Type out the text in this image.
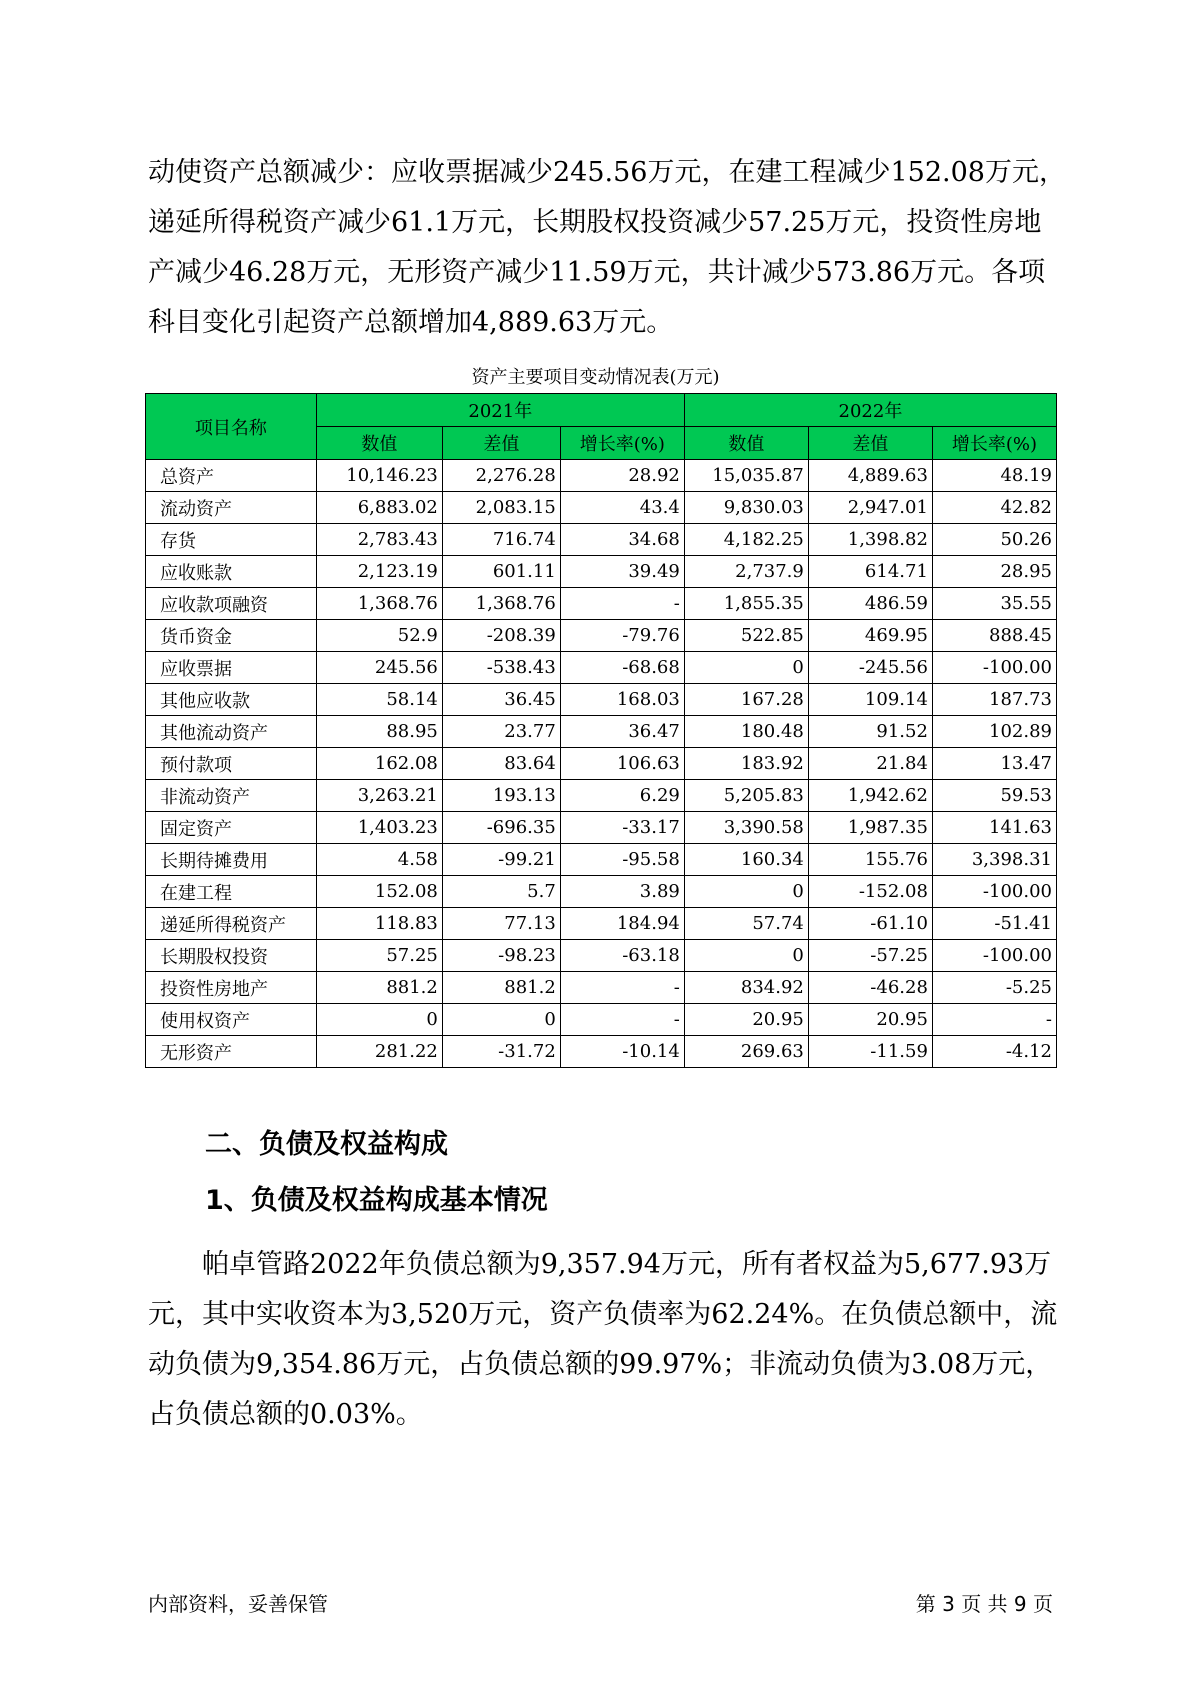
动使资产总额减少：应收票据减少245.56万元，在建工程减少152.08万元，
递延所得税资产减少61.1万元，长期股权投资减少57.25万元，投资性房地
产减少46.28万元，无形资产减少11.59万元，共计减少573.86万元。各项
科目变化引起资产总额增加4,889.63万元。

资产主要项目变动情况表(万元)
项目名称	2021年			2022年		
	数值	差值	增长率(%)	数值	差值	增长率(%)
总资产	10,146.23	2,276.28	28.92	15,035.87	4,889.63	48.19
流动资产	6,883.02	2,083.15	43.4	9,830.03	2,947.01	42.82
存货	2,783.43	716.74	34.68	4,182.25	1,398.82	50.26
应收账款	2,123.19	601.11	39.49	2,737.9	614.71	28.95
应收款项融资	1,368.76	1,368.76	-	1,855.35	486.59	35.55
货币资金	52.9	-208.39	-79.76	522.85	469.95	888.45
应收票据	245.56	-538.43	-68.68	0	-245.56	-100.00
其他应收款	58.14	36.45	168.03	167.28	109.14	187.73
其他流动资产	88.95	23.77	36.47	180.48	91.52	102.89
预付款项	162.08	83.64	106.63	183.92	21.84	13.47
非流动资产	3,263.21	193.13	6.29	5,205.83	1,942.62	59.53
固定资产	1,403.23	-696.35	-33.17	3,390.58	1,987.35	141.63
长期待摊费用	4.58	-99.21	-95.58	160.34	155.76	3,398.31
在建工程	152.08	5.7	3.89	0	-152.08	-100.00
递延所得税资产	118.83	77.13	184.94	57.74	-61.10	-51.41
长期股权投资	57.25	-98.23	-63.18	0	-57.25	-100.00
投资性房地产	881.2	881.2	-	834.92	-46.28	-5.25
使用权资产	0	0	-	20.95	20.95	-
无形资产	281.22	-31.72	-10.14	269.63	-11.59	-4.12
二、负债及权益构成
1、负债及权益构成基本情况

帕卓管路2022年负债总额为9,357.94万元，所有者权益为5,677.93万
元，其中实收资本为3,520万元，资产负债率为62.24%。在负债总额中，流
动负债为9,354.86万元，占负债总额的99.97%；非流动负债为3.08万元，
占负债总额的0.03%。

内部资料，妥善保管	第 3 页 共 9 页
